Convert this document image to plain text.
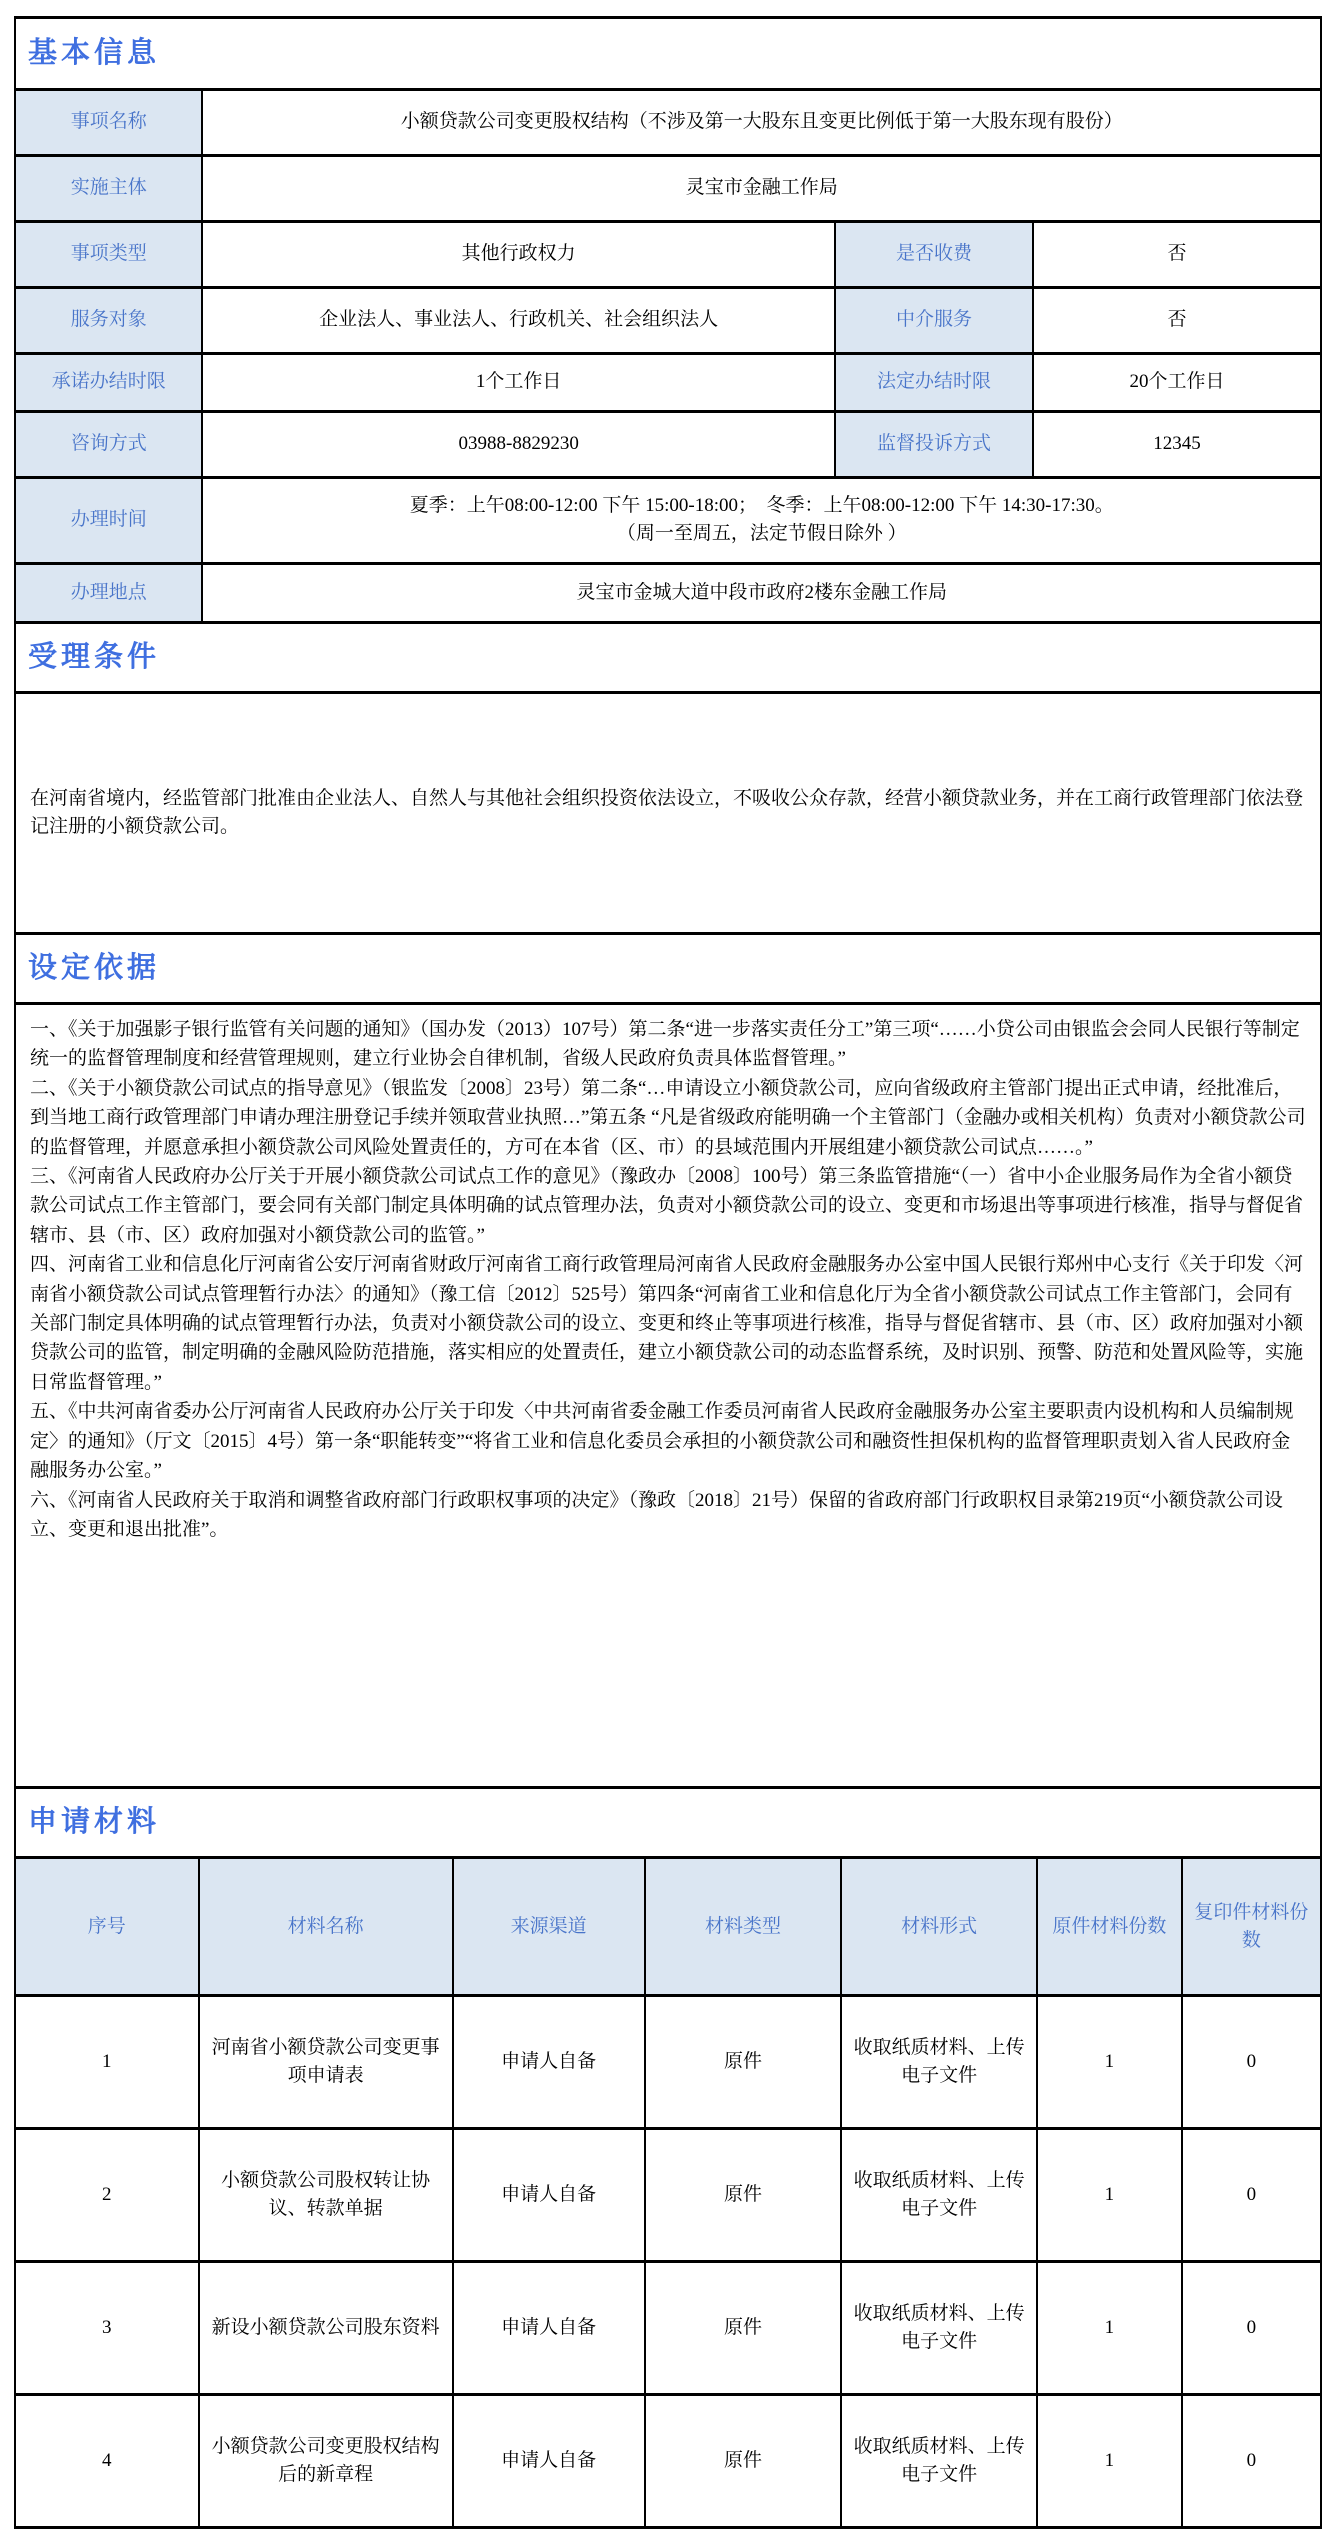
基本信息			
事项名称	小额贷款公司变更股权结构（不涉及第一大股东且变更比例低于第一大股东现有股份）		
实施主体	灵宝市金融工作局		
事项类型	其他行政权力	是否收费	否
服务对象	企业法人、事业法人、行政机关、社会组织法人	中介服务	否
承诺办结时限	1个工作日	法定办结时限	20个工作日
咨询方式	03988-8829230	监督投诉方式	12345
办理时间	夏季：上午08:00-12:00 下午 15:00-18:00；　冬季：上午08:00-12:00 下午 14:30-17:30。
（周一至周五，法定节假日除外 ）		

办理地点	灵宝市金城大道中段市政府2楼东金融工作局		
受理条件
在河南省境内，经监管部门批准由企业法人、自然人与其他社会组织投资依法设立，不吸收公众存款，经营小额贷款业务，并在工商行政管理部门依法登记注册的小额贷款公司。
设定依据

一、《关于加强影子银行监管有关问题的通知》（国办发（2013）107号）第二条“进一步落实责任分工”第三项“……小贷公司由银监会会同人民银行等制定统一的监督管理制度和经营管理规则，建立行业协会自律机制，省级人民政府负责具体监督管理。”

二、《关于小额贷款公司试点的指导意见》（银监发〔2008〕23号）第二条“…申请设立小额贷款公司，应向省级政府主管部门提出正式申请，经批准后，到当地工商行政管理部门申请办理注册登记手续并领取营业执照…”第五条 “凡是省级政府能明确一个主管部门（金融办或相关机构）负责对小额贷款公司的监督管理，并愿意承担小额贷款公司风险处置责任的，方可在本省（区、市）的县域范围内开展组建小额贷款公司试点……。”

三、《河南省人民政府办公厅关于开展小额贷款公司试点工作的意见》（豫政办〔2008〕100号）第三条监管措施“（一）省中小企业服务局作为全省小额贷款公司试点工作主管部门，要会同有关部门制定具体明确的试点管理办法，负责对小额贷款公司的设立、变更和市场退出等事项进行核准，指导与督促省辖市、县（市、区）政府加强对小额贷款公司的监管。”

四、河南省工业和信息化厅河南省公安厅河南省财政厅河南省工商行政管理局河南省人民政府金融服务办公室中国人民银行郑州中心支行《关于印发〈河南省小额贷款公司试点管理暂行办法〉的通知》（豫工信〔2012〕525号）第四条“河南省工业和信息化厅为全省小额贷款公司试点工作主管部门，会同有关部门制定具体明确的试点管理暂行办法，负责对小额贷款公司的设立、变更和终止等事项进行核准，指导与督促省辖市、县（市、区）政府加强对小额贷款公司的监管，制定明确的金融风险防范措施，落实相应的处置责任，建立小额贷款公司的动态监督系统，及时识别、预警、防范和处置风险等，实施日常监督管理。”

五、《中共河南省委办公厅河南省人民政府办公厅关于印发〈中共河南省委金融工作委员河南省人民政府金融服务办公室主要职责内设机构和人员编制规定〉的通知》（厅文〔2015〕4号）第一条“职能转变”“将省工业和信息化委员会承担的小额贷款公司和融资性担保机构的监督管理职责划入省人民政府金融服务办公室。”

六、《河南省人民政府关于取消和调整省政府部门行政职权事项的决定》（豫政〔2018〕21号）保留的省政府部门行政职权目录第219页“小额贷款公司设立、变更和退出批准”。

申请材料						
序号	材料名称	来源渠道	材料类型	材料形式	原件材料份数	复印件材料份数
1	河南省小额贷款公司变更事项申请表	申请人自备	原件	收取纸质材料、上传电子文件	1	0
2	小额贷款公司股权转让协议、转款单据	申请人自备	原件	收取纸质材料、上传电子文件	1	0
3	新设小额贷款公司股东资料	申请人自备	原件	收取纸质材料、上传电子文件	1	0
4	小额贷款公司变更股权结构后的新章程	申请人自备	原件	收取纸质材料、上传电子文件	1	0
